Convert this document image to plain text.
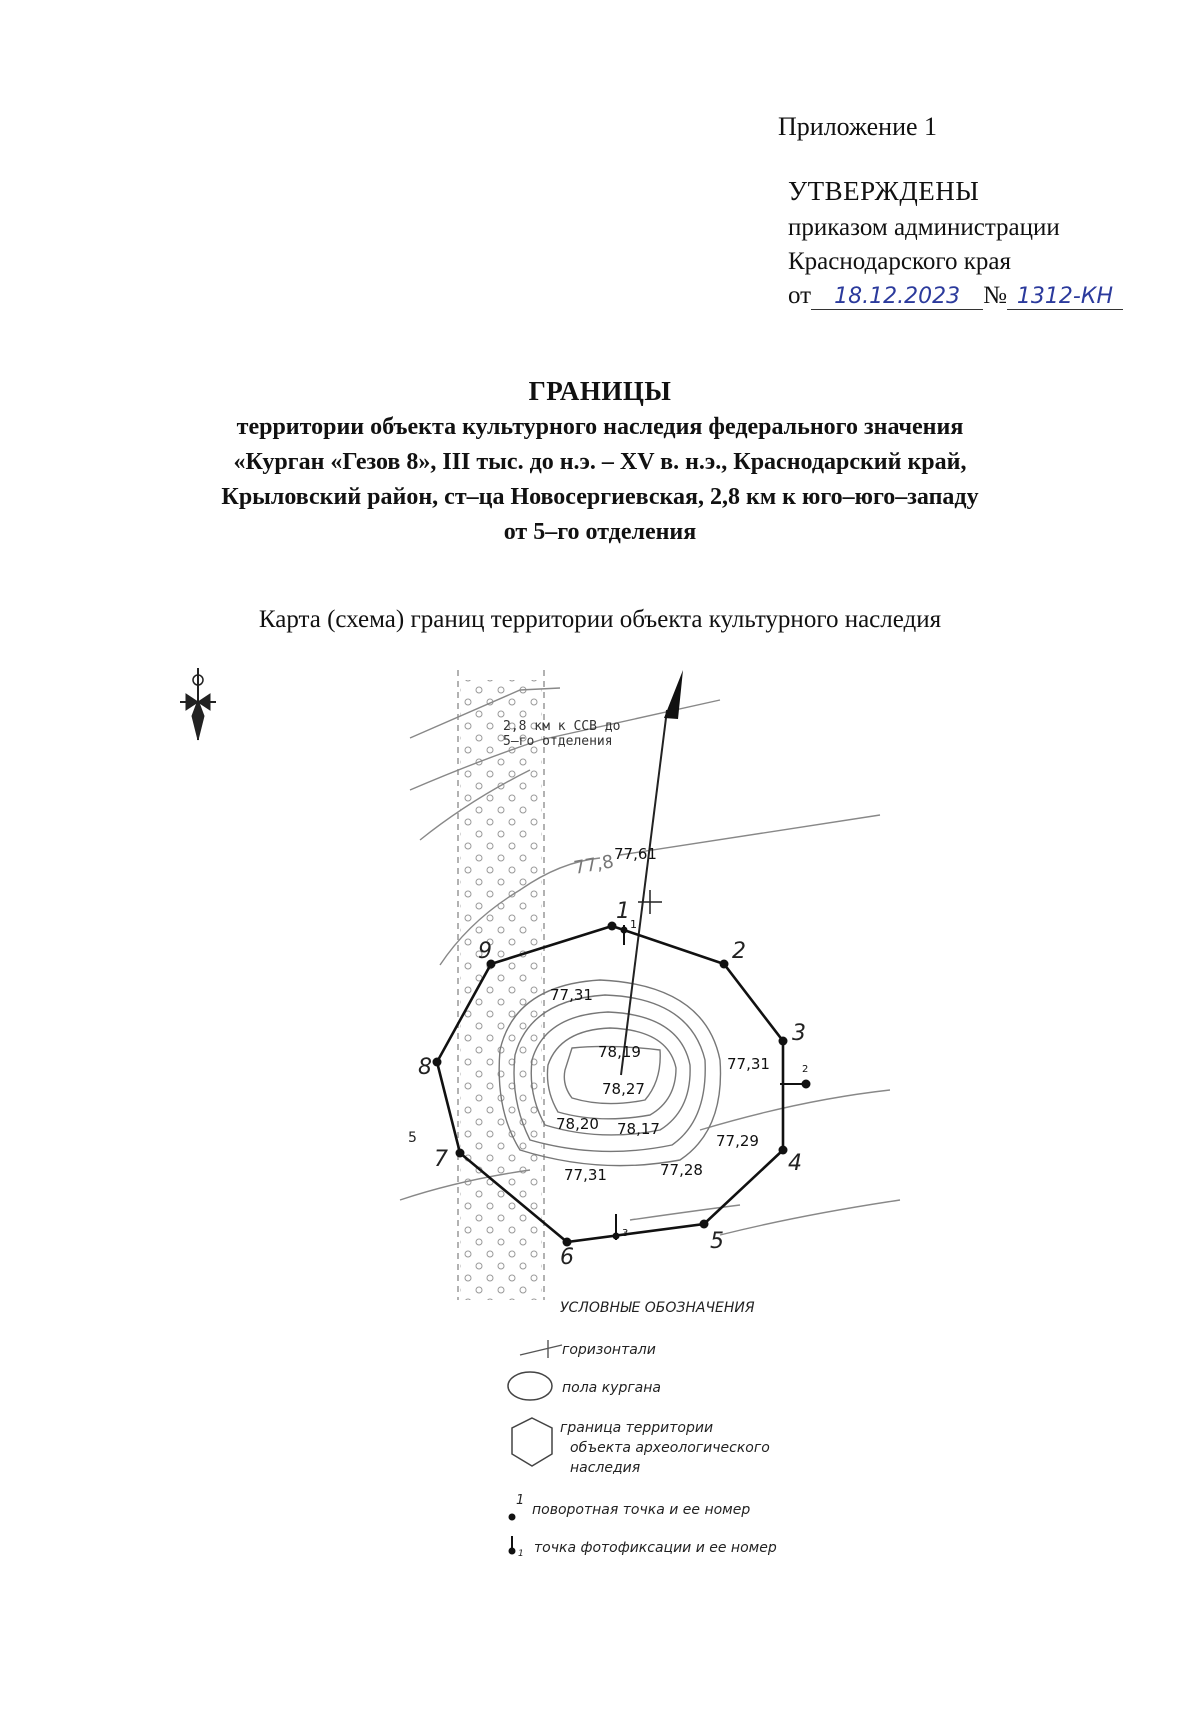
Приложение 1
УТВЕРЖДЕНЫ
приказом администрации
Краснодарского края
от 18.12.2023 № 1312-КН
ГРАНИЦЫ
территории объекта культурного наследия федерального значения
«Курган «Гезов 8», III тыс. до н.э. – XV в. н.э., Краснодарский край,
Крыловский район, ст–ца Новосергиевская, 2,8 км к юго–юго–западу
от 5–го отделения
Карта (схема) границ территории объекта культурного наследия
77,8
2,8 км к ССВ до
5–го отделения
1
2
3
4
5
6
7
8
9
5
1
2
3
77,61
77,31
78,19
78,27
78,20 78,17
77,31
77,29
77,31	77,28
УСЛОВНЫЕ ОБОЗНАЧЕНИЯ
горизонтали
пола кургана
граница территории
объекта археологического
наследия
1
поворотная точка и ее номер
1 точка фотофиксации и ее номер
